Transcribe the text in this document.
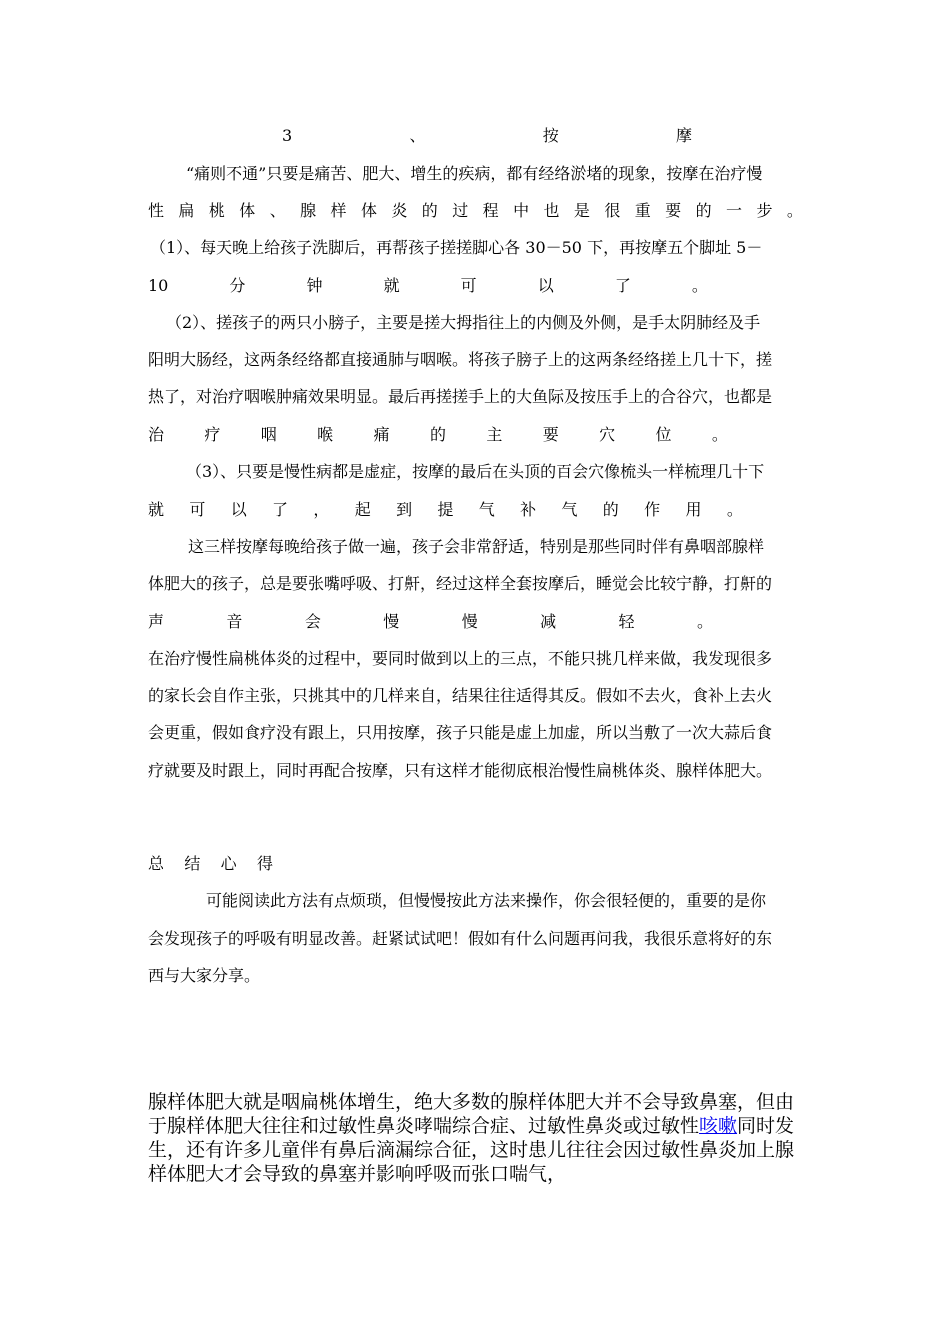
3	、	按	摩
“痛则不通”只要是痛苦、肥大、增生的疾病，都有经络淤堵的现象，按摩在治疗慢
性 扁 桃 体 、 腺 样 体 炎 的 过 程 中 也 是 很 重 要 的 一 步 。
（1）、每天晚上给孩子洗脚后，再帮孩子搓搓脚心各 30－50 下，再按摩五个脚址 5－
10	分	钟	就	可	以	了	。
（2）、搓孩子的两只小膀子，主要是搓大拇指往上的内侧及外侧，是手太阴肺经及手
阳明大肠经，这两条经络都直接通肺与咽喉。将孩子膀子上的这两条经络搓上几十下，搓
热了，对治疗咽喉肿痛效果明显。最后再搓搓手上的大鱼际及按压手上的合谷穴，也都是
治	疗	咽	喉	痛	的	主	要	穴	位	。
（3）、只要是慢性病都是虚症，按摩的最后在头顶的百会穴像梳头一样梳理几十下
就 可 以 了 ， 起 到 提 气 补 气 的 作 用 。
这三样按摩每晚给孩子做一遍，孩子会非常舒适，特别是那些同时伴有鼻咽部腺样
体肥大的孩子，总是要张嘴呼吸、打鼾，经过这样全套按摩后，睡觉会比较宁静，打鼾的
声	音	会	慢	慢	减	轻	。
在治疗慢性扁桃体炎的过程中，要同时做到以上的三点，不能只挑几样来做，我发现很多
的家长会自作主张，只挑其中的几样来自，结果往往适得其反。假如不去火，食补上去火
会更重，假如食疗没有跟上，只用按摩，孩子只能是虚上加虚，所以当敷了一次大蒜后食
疗就要及时跟上，同时再配合按摩，只有这样才能彻底根治慢性扁桃体炎、腺样体肥大。
总 结 心 得
可能阅读此方法有点烦琐，但慢慢按此方法来操作，你会很轻便的，重要的是你
会发现孩子的呼吸有明显改善。赶紧试试吧！假如有什么问题再问我，我很乐意将好的东
西与大家分享。
腺样体肥大就是咽扁桃体增生，绝大多数的腺样体肥大并不会导致鼻塞，但由
于腺样体肥大往往和过敏性鼻炎哮喘综合症、过敏性鼻炎或过敏性咳嗽同时发
生，还有许多儿童伴有鼻后滴漏综合征，这时患儿往往会因过敏性鼻炎加上腺
样体肥大才会导致的鼻塞并影响呼吸而张口喘气，
